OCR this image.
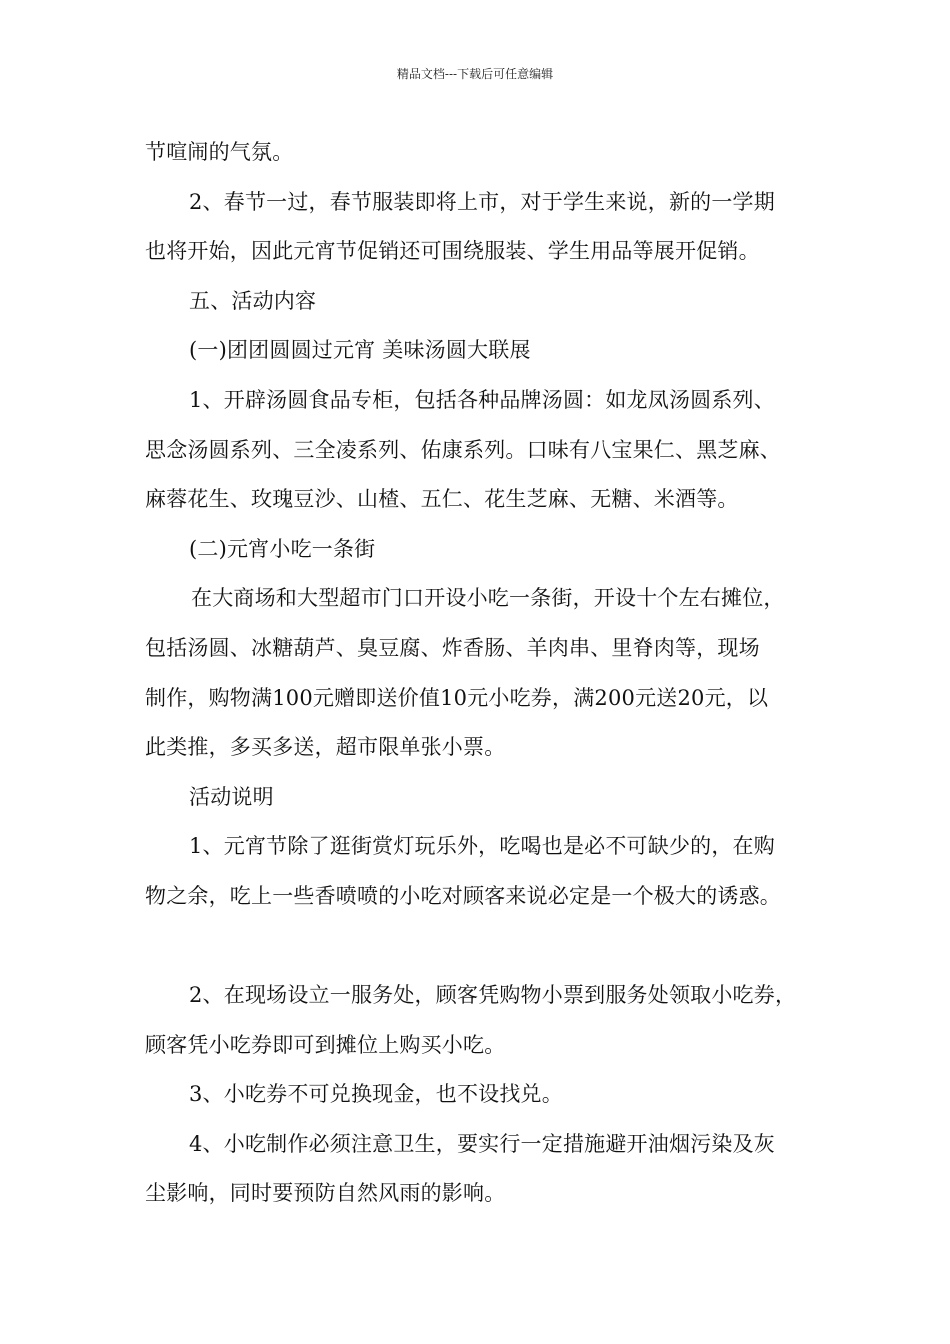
精品文档---下载后可任意编辑
节喧闹的气氛。
2、春节一过，春节服装即将上市，对于学生来说，新的一学期
也将开始，因此元宵节促销还可围绕服装、学生用品等展开促销。
五、活动内容
(一)团团圆圆过元宵 美味汤圆大联展
1、开辟汤圆食品专柜，包括各种品牌汤圆：如龙凤汤圆系列、
思念汤圆系列、三全凌系列、佑康系列。口味有八宝果仁、黑芝麻、
麻蓉花生、玫瑰豆沙、山楂、五仁、花生芝麻、无糖、米酒等。
(二)元宵小吃一条街
在大商场和大型超市门口开设小吃一条街，开设十个左右摊位，
包括汤圆、冰糖葫芦、臭豆腐、炸香肠、羊肉串、里脊肉等，现场
制作，购物满100元赠即送价值10元小吃券，满200元送20元，以
此类推，多买多送，超市限单张小票。
活动说明
1、元宵节除了逛街赏灯玩乐外，吃喝也是必不可缺少的，在购
物之余，吃上一些香喷喷的小吃对顾客来说必定是一个极大的诱惑。
2、在现场设立一服务处，顾客凭购物小票到服务处领取小吃券，
顾客凭小吃券即可到摊位上购买小吃。
3、小吃券不可兑换现金，也不设找兑。
4、小吃制作必须注意卫生，要实行一定措施避开油烟污染及灰
尘影响，同时要预防自然风雨的影响。
